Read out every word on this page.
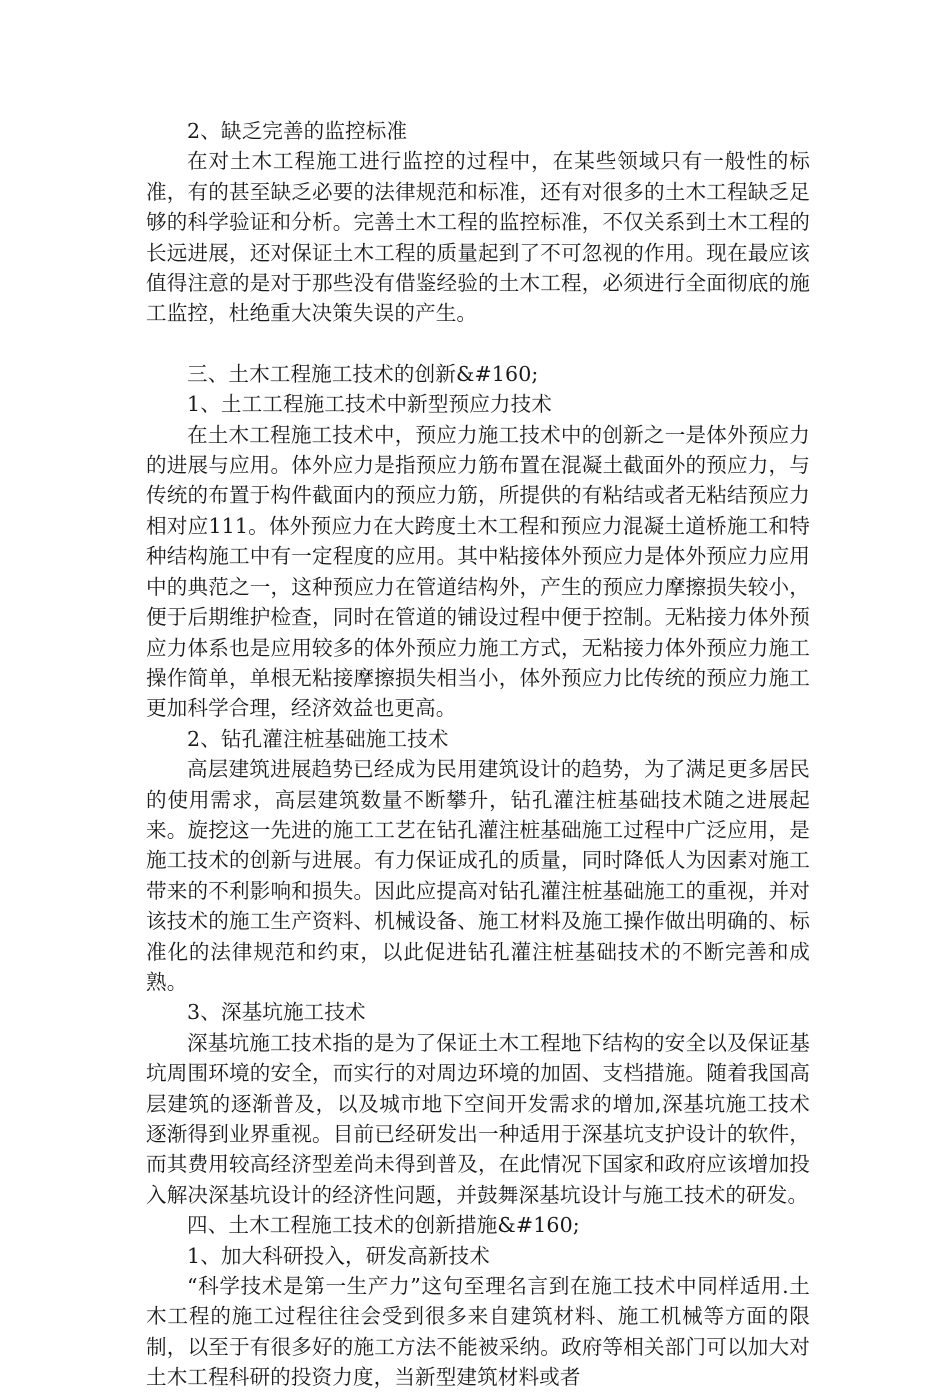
2、缺乏完善的监控标准

在对土木工程施工进行监控的过程中，在某些领域只有一般性的标准，有的甚至缺乏必要的法律规范和标准，还有对很多的土木工程缺乏足够的科学验证和分析。完善土木工程的监控标准，不仅关系到土木工程的长远进展，还对保证土木工程的质量起到了不可忽视的作用。现在最应该值得注意的是对于那些没有借鉴经验的土木工程，必须进行全面彻底的施工监控，杜绝重大决策失误的产生。

三、土木工程施工技术的创新&#160;

1、土工工程施工技术中新型预应力技术

在土木工程施工技术中，预应力施工技术中的创新之一是体外预应力的进展与应用。体外应力是指预应力筋布置在混凝土截面外的预应力，与传统的布置于构件截面内的预应力筋，所提供的有粘结或者无粘结预应力相对应111。体外预应力在大跨度土木工程和预应力混凝土道桥施工和特种结构施工中有一定程度的应用。其中粘接体外预应力是体外预应力应用中的典范之一，这种预应力在管道结构外，产生的预应力摩擦损失较小，便于后期维护检查，同时在管道的铺设过程中便于控制。无粘接力体外预应力体系也是应用较多的体外预应力施工方式，无粘接力体外预应力施工操作简单，单根无粘接摩擦损失相当小，体外预应力比传统的预应力施工更加科学合理，经济效益也更高。

2、钻孔灌注桩基础施工技术

高层建筑进展趋势已经成为民用建筑设计的趋势，为了满足更多居民的使用需求，高层建筑数量不断攀升，钻孔灌注桩基础技术随之进展起来。旋挖这一先进的施工工艺在钻孔灌注桩基础施工过程中广泛应用，是施工技术的创新与进展。有力保证成孔的质量，同时降低人为因素对施工带来的不利影响和损失。因此应提高对钻孔灌注桩基础施工的重视，并对该技术的施工生产资料、机械设备、施工材料及施工操作做出明确的、标准化的法律规范和约束，以此促进钻孔灌注桩基础技术的不断完善和成熟。

3、深基坑施工技术

深基坑施工技术指的是为了保证土木工程地下结构的安全以及保证基坑周围环境的安全，而实行的对周边环境的加固、支档措施。随着我国高层建筑的逐渐普及，以及城市地下空间开发需求的增加,深基坑施工技术逐渐得到业界重视。目前已经研发出一种适用于深基坑支护设计的软件，而其费用较高经济型差尚未得到普及，在此情况下国家和政府应该增加投入解决深基坑设计的经济性问题，并鼓舞深基坑设计与施工技术的研发。

四、土木工程施工技术的创新措施&#160;

1、加大科研投入，研发高新技术

“科学技术是第一生产力”这句至理名言到在施工技术中同样适用.土木工程的施工过程往往会受到很多来自建筑材料、施工机械等方面的限制，以至于有很多好的施工方法不能被采纳。政府等相关部门可以加大对土木工程科研的投资力度，当新型建筑材料或者
